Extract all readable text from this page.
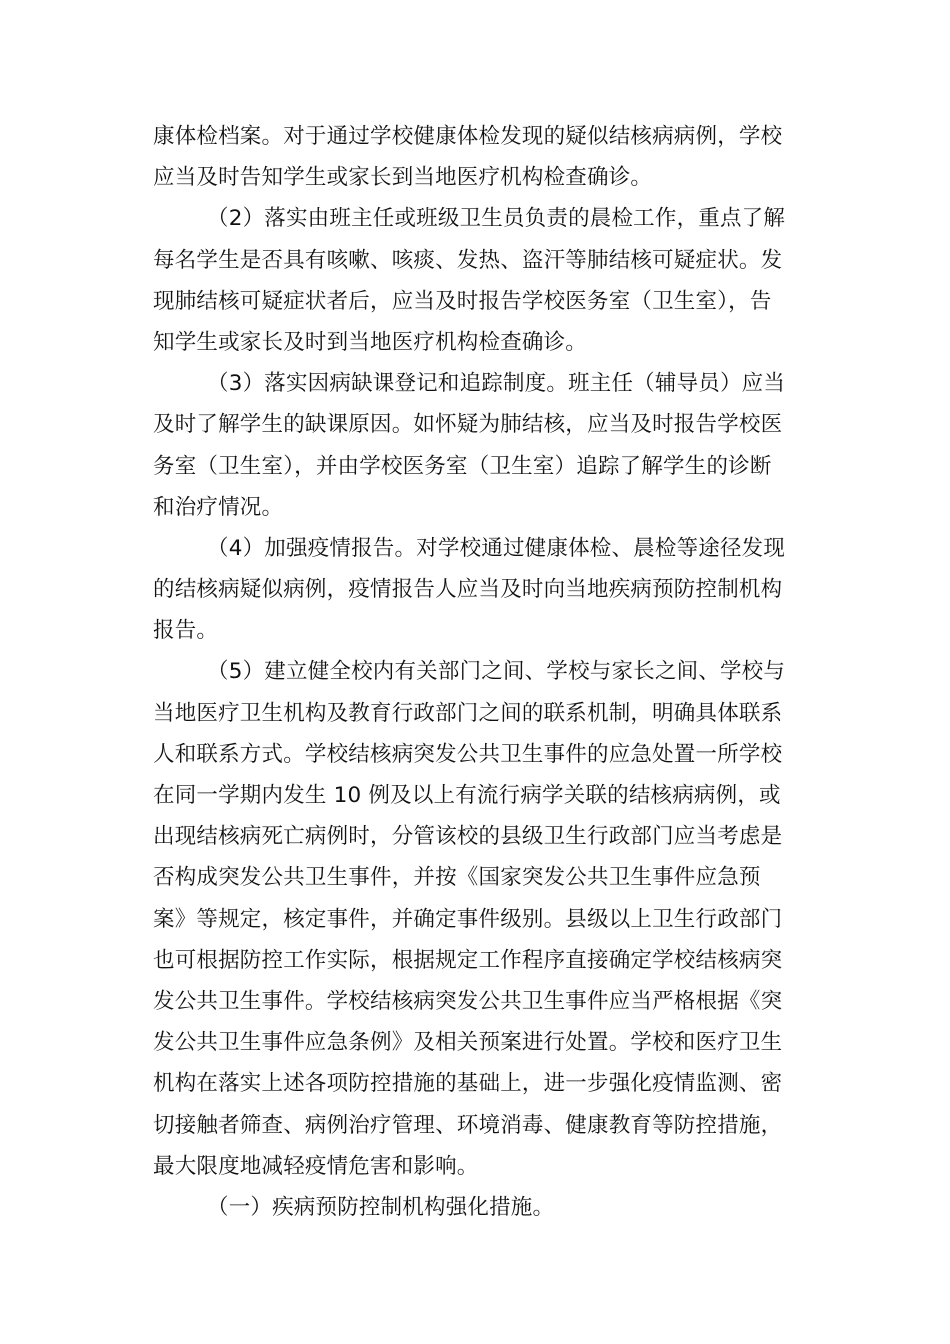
康体检档案。对于通过学校健康体检发现的疑似结核病病例，学校
应当及时告知学生或家长到当地医疗机构检查确诊。
（2）落实由班主任或班级卫生员负责的晨检工作，重点了解
每名学生是否具有咳嗽、咳痰、发热、盗汗等肺结核可疑症状。发
现肺结核可疑症状者后，应当及时报告学校医务室（卫生室），告
知学生或家长及时到当地医疗机构检查确诊。
（3）落实因病缺课登记和追踪制度。班主任（辅导员）应当
及时了解学生的缺课原因。如怀疑为肺结核，应当及时报告学校医
务室（卫生室），并由学校医务室（卫生室）追踪了解学生的诊断
和治疗情况。
（4）加强疫情报告。对学校通过健康体检、晨检等途径发现
的结核病疑似病例，疫情报告人应当及时向当地疾病预防控制机构
报告。
（5）建立健全校内有关部门之间、学校与家长之间、学校与
当地医疗卫生机构及教育行政部门之间的联系机制，明确具体联系
人和联系方式。学校结核病突发公共卫生事件的应急处置一所学校
在同一学期内发生 10 例及以上有流行病学关联的结核病病例，或
出现结核病死亡病例时，分管该校的县级卫生行政部门应当考虑是
否构成突发公共卫生事件，并按《国家突发公共卫生事件应急预
案》等规定，核定事件，并确定事件级别。县级以上卫生行政部门
也可根据防控工作实际，根据规定工作程序直接确定学校结核病突
发公共卫生事件。学校结核病突发公共卫生事件应当严格根据《突
发公共卫生事件应急条例》及相关预案进行处置。学校和医疗卫生
机构在落实上述各项防控措施的基础上，进一步强化疫情监测、密
切接触者筛查、病例治疗管理、环境消毒、健康教育等防控措施，
最大限度地减轻疫情危害和影响。
（一）疾病预防控制机构强化措施。
